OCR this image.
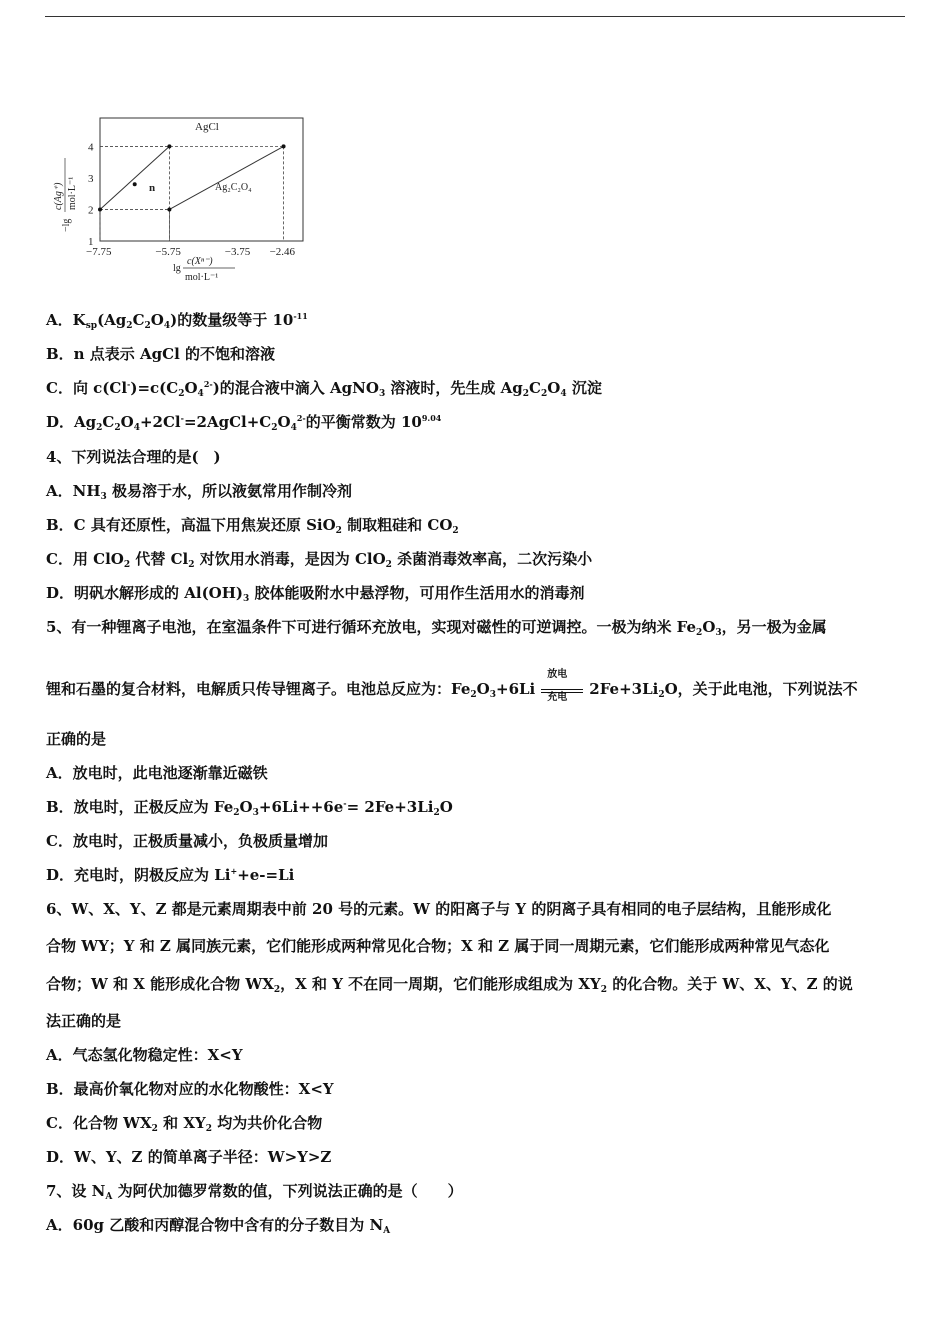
−7.75	−5.75	−3.75 −2.46
1
2
3
4
AgCl
Ag₂C₂O₄
n
−lg
c(Ag⁺) mol·L⁻¹
lg
c(Xⁿ⁻)
mol·L⁻¹
A．$K_{sp}(Ag_2C_2O_4)$的数量级等于 $10^{-11}$
B．n 点表示 AgCl 的不饱和溶液
C．向 $c(Cl^-)=c(C_2O_4^{2-})$的混合液中滴入 AgNO$_3$ 溶液时，先生成 $Ag_2C_2O_4$ 沉淀
D．$Ag_2C_2O_4+2Cl^-=2AgCl+C_2O_4^{2-}$的平衡常数为 $10^{9.04}$
4、下列说法合理的是(　)
A．$NH_3$ 极易溶于水，所以液氨常用作制冷剂
B．C 具有还原性，高温下用焦炭还原 SiO$_2$ 制取粗硅和 $CO_2$
C．用 ClO$_2$ 代替 $Cl_2$ 对饮用水消毒，是因为 ClO$_2$ 杀菌消毒效率高，二次污染小
D．明矾水解形成的 $Al(OH)_3$ 胶体能吸附水中悬浮物，可用作生活用水的消毒剂
5、有一种锂离子电池，在室温条件下可进行循环充放电，实现对磁性的可逆调控。一极为纳米 $Fe_2O_3$，另一极为金属
锂和石墨的复合材料，电解质只传导锂离子。电池总反应为：$Fe_2O_3+6Li$
放电
充电 $2Fe+3Li_2O$，关于此电池，下列说法不
正确的是
A．放电时，此电池逐渐靠近磁铁
B．放电时，正极反应为 $Fe_2O_3+6Li++6e^-= 2Fe+3Li_2O$
C．放电时，正极质量减小，负极质量增加
D．充电时，阴极反应为 Li++e-=Li
6、W、X、Y、Z 都是元素周期表中前 20 号的元素。W 的阳离子与 Y 的阴离子具有相同的电子层结构，且能形成化
合物 WY；Y 和 Z 属同族元素，它们能形成两种常见化合物；X 和 Z 属于同一周期元素，它们能形成两种常见气态化
合物；W 和 X 能形成化合物 $WX_2$，X 和 Y 不在同一周期，它们能形成组成为 $XY_2$ 的化合物。关于 W、X、Y、Z 的说
法正确的是
A．气态氢化物稳定性：X<Y
B．最高价氧化物对应的水化物酸性：X<Y
C．化合物 $WX_2$ 和 $XY_2$ 均为共价化合物
D．W、Y、Z 的简单离子半径：W>Y>Z
7、设 $N_A$ 为阿伏加德罗常数的值，下列说法正确的是（　　）
A．60g 乙酸和丙醇混合物中含有的分子数目为 $N_A$
